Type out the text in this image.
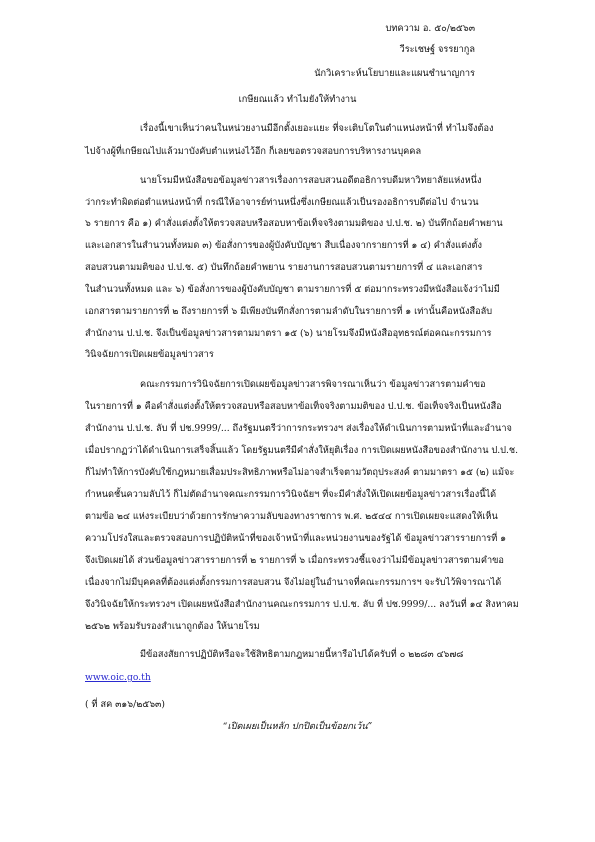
บทความ อ. ๕๐/๒๕๖๓
วีระเชษฐ์ จรรยากูล
นักวิเคราะห์นโยบายและแผนชำนาญการ
เกษียณแล้ว ทำไมยังให้ทำงาน
เรื่องนี้เขาเห็นว่าคนในหน่วยงานมีอีกตั้งเยอะแยะ ที่จะเติบโตในตำแหน่งหน้าที่ ทำไมจึงต้อง
ไปจ้างผู้ที่เกษียณไปแล้วมาบังคับตำแหน่งไว้อีก ก็เลยขอตรวจสอบการบริหารงานบุคคล
นายโรมมีหนังสือขอข้อมูลข่าวสารเรื่องการสอบสวนอดีตอธิการบดีมหาวิทยาลัยแห่งหนึ่ง
ว่ากระทำผิดต่อตำแหน่งหน้าที่ กรณีให้อาจารย์ท่านหนึ่งซึ่งเกษียณแล้วเป็นรองอธิการบดีต่อไป จำนวน
๖ รายการ คือ ๑) คำสั่งแต่งตั้งให้ตรวจสอบหรือสอบหาข้อเท็จจริงตามมติของ ป.ป.ช. ๒) บันทึกถ้อยคำพยาน
และเอกสารในสำนวนทั้งหมด ๓) ข้อสั่งการของผู้บังคับบัญชา สืบเนื่องจากรายการที่ ๑ ๔) คำสั่งแต่งตั้ง
สอบสวนตามมติของ ป.ป.ช. ๕) บันทึกถ้อยคำพยาน รายงานการสอบสวนตามรายการที่ ๔ และเอกสาร
ในสำนวนทั้งหมด และ ๖) ข้อสั่งการของผู้บังคับบัญชา ตามรายการที่ ๕ ต่อมากระทรวงมีหนังสือแจ้งว่าไม่มี
เอกสารตามรายการที่ ๒ ถึงรายการที่ ๖ มีเพียงบันทึกสั่งการตามลำดับในรายการที่ ๑ เท่านั้นคือหนังสือลับ
สำนักงาน ป.ป.ช. จึงเป็นข้อมูลข่าวสารตามมาตรา ๑๕ (๖) นายโรมจึงมีหนังสืออุทธรณ์ต่อคณะกรรมการ
วินิจฉัยการเปิดเผยข้อมูลข่าวสาร
คณะกรรมการวินิจฉัยการเปิดเผยข้อมูลข่าวสารพิจารณาเห็นว่า ข้อมูลข่าวสารตามคำขอ
ในรายการที่ ๑ คือคำสั่งแต่งตั้งให้ตรวจสอบหรือสอบหาข้อเท็จจริงตามมติของ ป.ป.ช. ข้อเท็จจริงเป็นหนังสือ
สำนักงาน ป.ป.ช. ลับ ที่ ปช.9999/... ถึงรัฐมนตรีว่าการกระทรวงฯ ส่งเรื่องให้ดำเนินการตามหน้าที่และอำนาจ
เมื่อปรากฏว่าได้ดำเนินการเสร็จสิ้นแล้ว โดยรัฐมนตรีมีคำสั่งให้ยุติเรื่อง การเปิดเผยหนังสือของสำนักงาน ป.ป.ช.
ก็ไม่ทำให้การบังคับใช้กฎหมายเสื่อมประสิทธิภาพหรือไม่อาจสำเร็จตามวัตถุประสงค์ ตามมาตรา ๑๕ (๒) แม้จะ
กำหนดชั้นความลับไว้ ก็ไม่ตัดอำนาจคณะกรรมการวินิจฉัยฯ ที่จะมีคำสั่งให้เปิดเผยข้อมูลข่าวสารเรื่องนี้ได้
ตามข้อ ๒๔ แห่งระเบียบว่าด้วยการรักษาความลับของทางราชการ พ.ศ. ๒๕๔๔ การเปิดเผยจะแสดงให้เห็น
ความโปร่งใสและตรวจสอบการปฏิบัติหน้าที่ของเจ้าหน้าที่และหน่วยงานของรัฐได้ ข้อมูลข่าวสารรายการที่ ๑
จึงเปิดเผยได้ ส่วนข้อมูลข่าวสารรายการที่ ๒ รายการที่ ๖ เมื่อกระทรวงชี้แจงว่าไม่มีข้อมูลข่าวสารตามคำขอ
เนื่องจากไม่มีบุคคลที่ต้องแต่งตั้งกรรมการสอบสวน จึงไม่อยู่ในอำนาจที่คณะกรรมการฯ จะรับไว้พิจารณาได้
จึงวินิจฉัยให้กระทรวงฯ เปิดเผยหนังสือสำนักงานคณะกรรมการ ป.ป.ช. ลับ ที่ ปช.9999/... ลงวันที่ ๑๔ สิงหาคม
๒๕๖๒ พร้อมรับรองสำเนาถูกต้อง ให้นายโรม
มีข้อสงสัยการปฏิบัติหรือจะใช้สิทธิตามกฎหมายนี้หารือไปได้ครับที่ ๐ ๒๒๘๓ ๔๖๗๘
www.oic.go.th
( ที่ สค ๓๑๖/๒๕๖๓)
“เปิดเผยเป็นหลัก ปกปิดเป็นข้อยกเว้น”
